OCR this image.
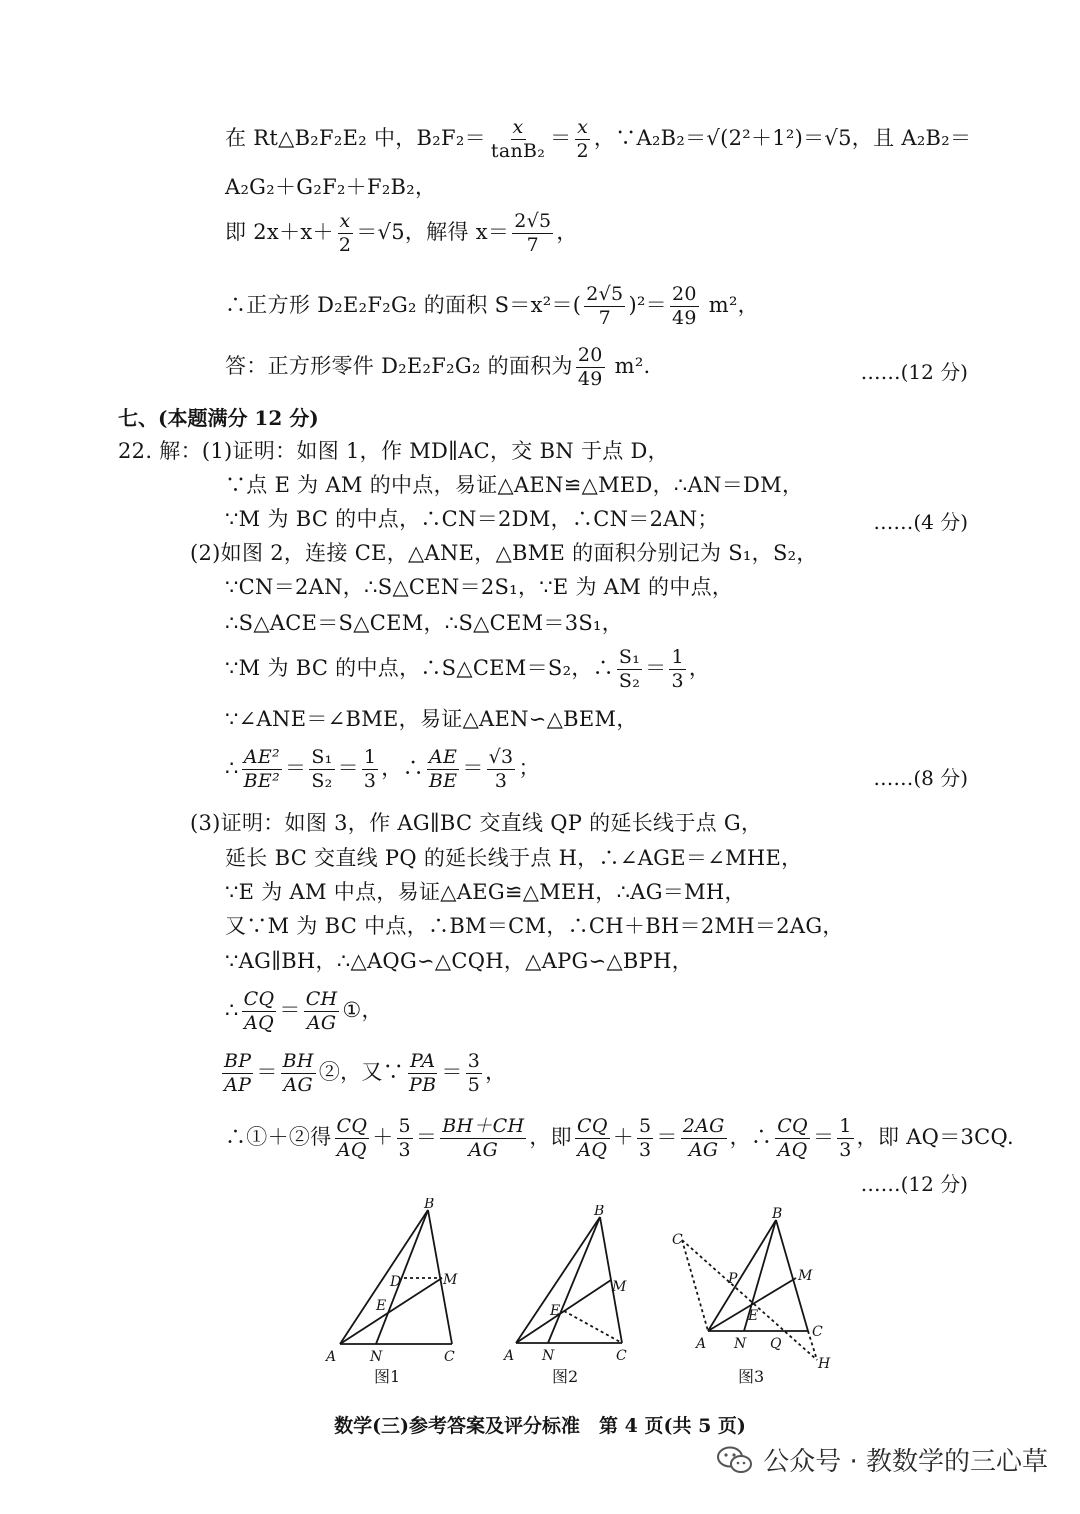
在 Rt△B₂F₂E₂ 中，$B_2F_2= \frac{x}{\text{tanB₂}} = \frac{x}{2}$ ，∵A₂B₂＝√(2²＋1²)＝√5，且 A₂B₂＝
A₂G₂＋G₂F₂＋F₂B₂，
即 $2x+x+ \frac{x}{2} =√5$，解得 $x= \frac{2√5}{7}$ ，
∴正方形 D₂E₂F₂G₂ 的面积 $S=x^2=( \frac{2√5}{7} )^2= \frac{20}{49} m^2$，
答：正方形零件 D₂E₂F₂G₂ 的面积为 $\frac{20}{49} m^2$.	……(12 分)
七、(本题满分 12 分)
22. 解：(1)证明：如图 1，作 MD∥AC，交 BN 于点 D，
∵点 E 为 AM 的中点，易证△AEN≌△MED，∴AN＝DM，
∵M 为 BC 的中点，∴CN＝2DM，∴CN＝2AN；	……(4 分)
(2)如图 2，连接 CE，△ANE，△BME 的面积分别记为 S₁，S₂，
∵CN＝2AN，∴S△CEN＝2S₁，∵E 为 AM 的中点，
∴S△ACE＝S△CEM，∴S△CEM＝3S₁，
∵M 为 BC 的中点，∴S△CEM＝S₂，∴ $\frac{\text{S₁}}{\text{S₂}} = \frac{1}{3}$ ，
∵∠ANE＝∠BME，易证△AEN∽△BEM，
∴ $\frac{\text{AE²}}{\text{BE²}} = \frac{\text{S₁}}{\text{S₂}} = \frac{1}{3}$ ，∴ $\frac{AE}{BE} = \frac{√3}{3}$ ；	……(8 分)
(3)证明：如图 3，作 AG∥BC 交直线 QP 的延长线于点 G，
延长 BC 交直线 PQ 的延长线于点 H，∴∠AGE＝∠MHE，
∵E 为 AM 中点，易证△AEG≌△MEH，∴AG＝MH，
又∵M 为 BC 中点，∴BM＝CM，∴CH＋BH＝2MH＝2AG，
∵AG∥BH，∴△AQG∽△CQH，△APG∽△BPH，
∴ $\frac{CQ}{AQ} = \frac{CH}{AG}$ ①，
$\frac{BP}{AP} = \frac{BH}{AG}$ ②，又∵ $\frac{PA}{PB} = \frac{3}{5}$ ，
∴①＋②得 $\frac{CQ}{AQ} + \frac{5}{3} = \frac{BH+CH}{AG}$ ，即 $\frac{CQ}{AQ} + \frac{5}{3} = \frac{2AG}{AG}$ ，∴ $\frac{CQ}{AQ} = \frac{1}{3}$ ，即 AQ＝3CQ.
……(12 分)
B
D	M
E
A N	C
图1
B
M
E
A N	C
图2
C
B
P	M
E
A N Q
C
H
图3
数学(三)参考答案及评分标准　第 4 页(共 5 页)
公众号 · 教数学的三心草
